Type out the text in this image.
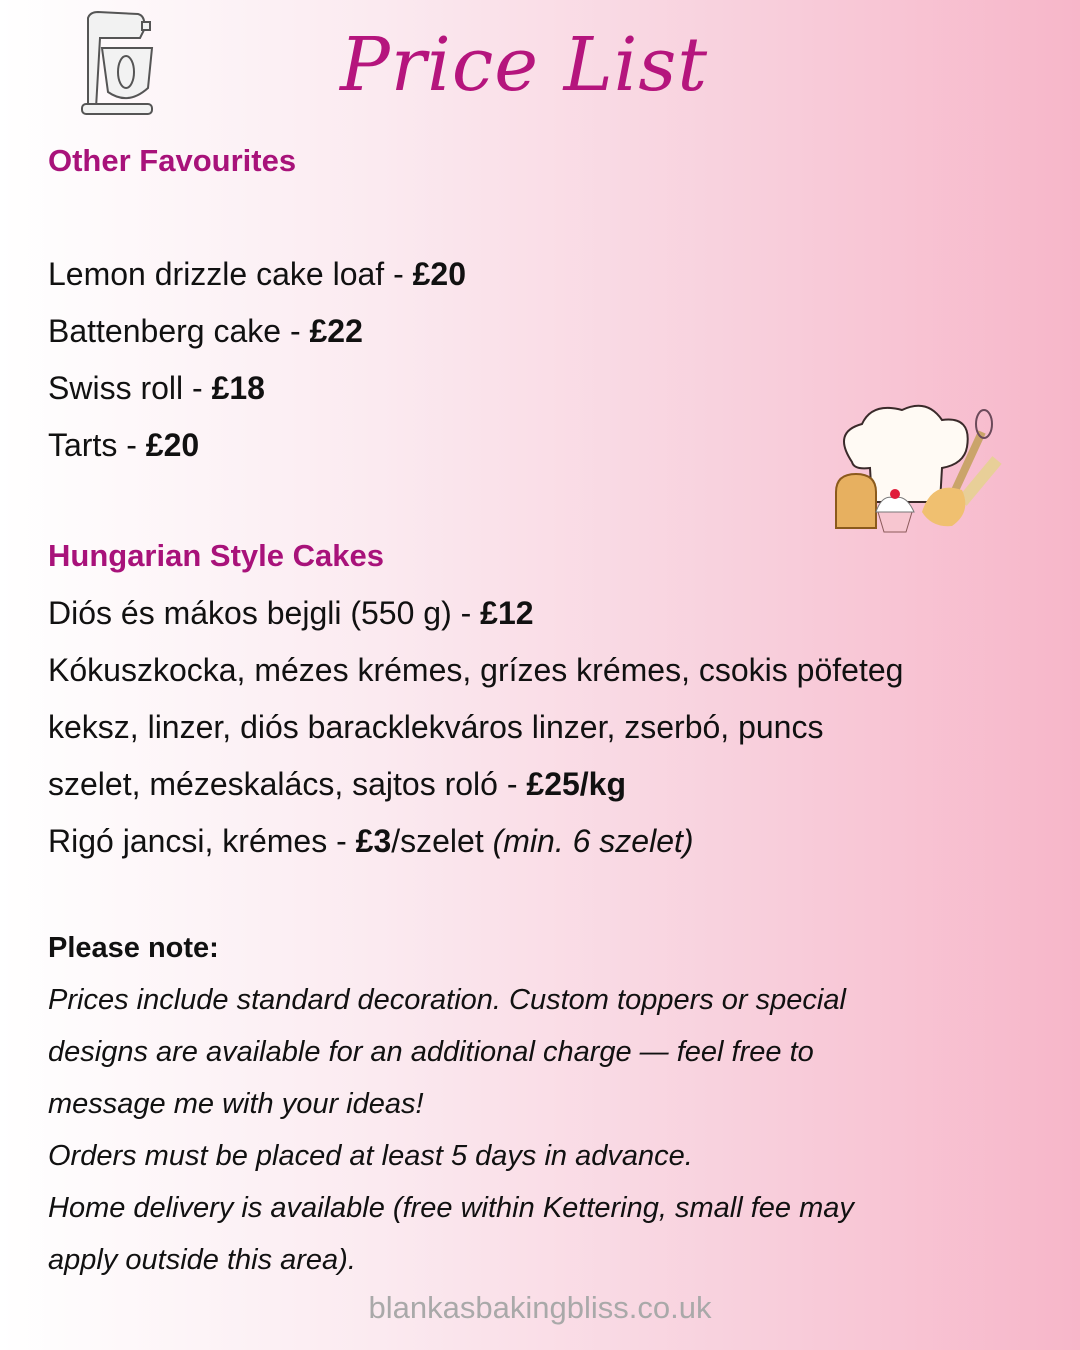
Price List
Other Favourites
Lemon drizzle cake loaf - £20
Battenberg cake - £22
Swiss roll - £18
Tarts - £20
Hungarian Style Cakes
Diós és mákos bejgli (550 g) - £12
Kókuszkocka, mézes krémes, grízes krémes, csokis pöfeteg
keksz, linzer, diós baracklekváros linzer, zserbó, puncs
szelet, mézeskalács, sajtos roló - £25/kg
Rigó jancsi, krémes - £3/szelet (min. 6 szelet)
Please note:
Prices include standard decoration. Custom toppers or special
designs are available for an additional charge — feel free to
message me with your ideas!
Orders must be placed at least 5 days in advance.
Home delivery is available (free within Kettering, small fee may
apply outside this area).
blankasbakingbliss.co.uk
